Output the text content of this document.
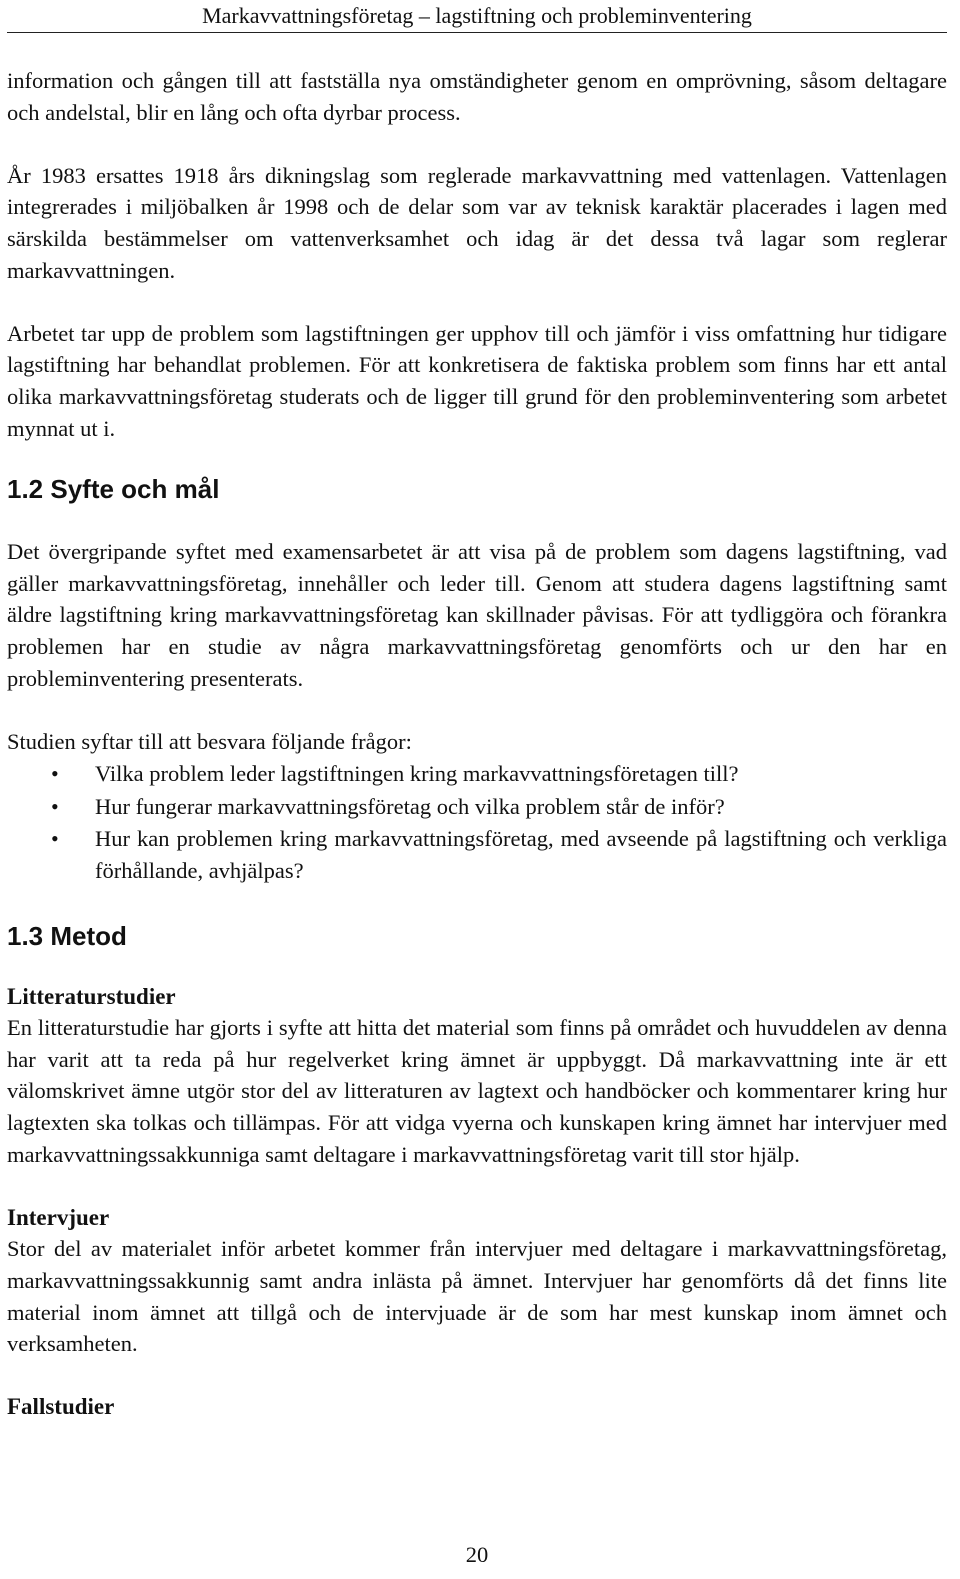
Markavvattningsföretag – lagstiftning och probleminventering

information och gången till att fastställa nya omständigheter genom en omprövning, såsom deltagare och andelstal, blir en lång och ofta dyrbar process.

År 1983 ersattes 1918 års dikningslag som reglerade markavvattning med vattenlagen. Vattenlagen integrerades i miljöbalken år 1998 och de delar som var av teknisk karaktär placerades i lagen med särskilda bestämmelser om vattenverksamhet och idag är det dessa två lagar som reglerar markavvattningen.

Arbetet tar upp de problem som lagstiftningen ger upphov till och jämför i viss omfattning hur tidigare lagstiftning har behandlat problemen. För att konkretisera de faktiska problem som finns har ett antal olika markavvattningsföretag studerats och de ligger till grund för den probleminventering som arbetet mynnat ut i.

1.2 Syfte och mål

Det övergripande syftet med examensarbetet är att visa på de problem som dagens lagstiftning, vad gäller markavvattningsföretag, innehåller och leder till. Genom att studera dagens lagstiftning samt äldre lagstiftning kring markavvattningsföretag kan skillnader påvisas. För att tydliggöra och förankra problemen har en studie av några markavvattningsföretag genomförts och ur den har en probleminventering presenterats.

Studien syftar till att besvara följande frågor:

• Vilka problem leder lagstiftningen kring markavvattningsföretagen till?
• Hur fungerar markavvattningsföretag och vilka problem står de inför?
• Hur kan problemen kring markavvattningsföretag, med avseende på lagstiftning och verkliga förhållande, avhjälpas?
1.3 Metod
Litteraturstudier

En litteraturstudie har gjorts i syfte att hitta det material som finns på området och huvuddelen av denna har varit att ta reda på hur regelverket kring ämnet är uppbyggt. Då markavvattning inte är ett välomskrivet ämne utgör stor del av litteraturen av lagtext och handböcker och kommentarer kring hur lagtexten ska tolkas och tillämpas. För att vidga vyerna och kunskapen kring ämnet har intervjuer med markavvattningssakkunniga samt deltagare i markavvattningsföretag varit till stor hjälp.

Intervjuer

Stor del av materialet inför arbetet kommer från intervjuer med deltagare i markavvattningsföretag, markavvattningssakkunnig samt andra inlästa på ämnet. Intervjuer har genomförts då det finns lite material inom ämnet att tillgå och de intervjuade är de som har mest kunskap inom ämnet och verksamheten.

Fallstudier
20
